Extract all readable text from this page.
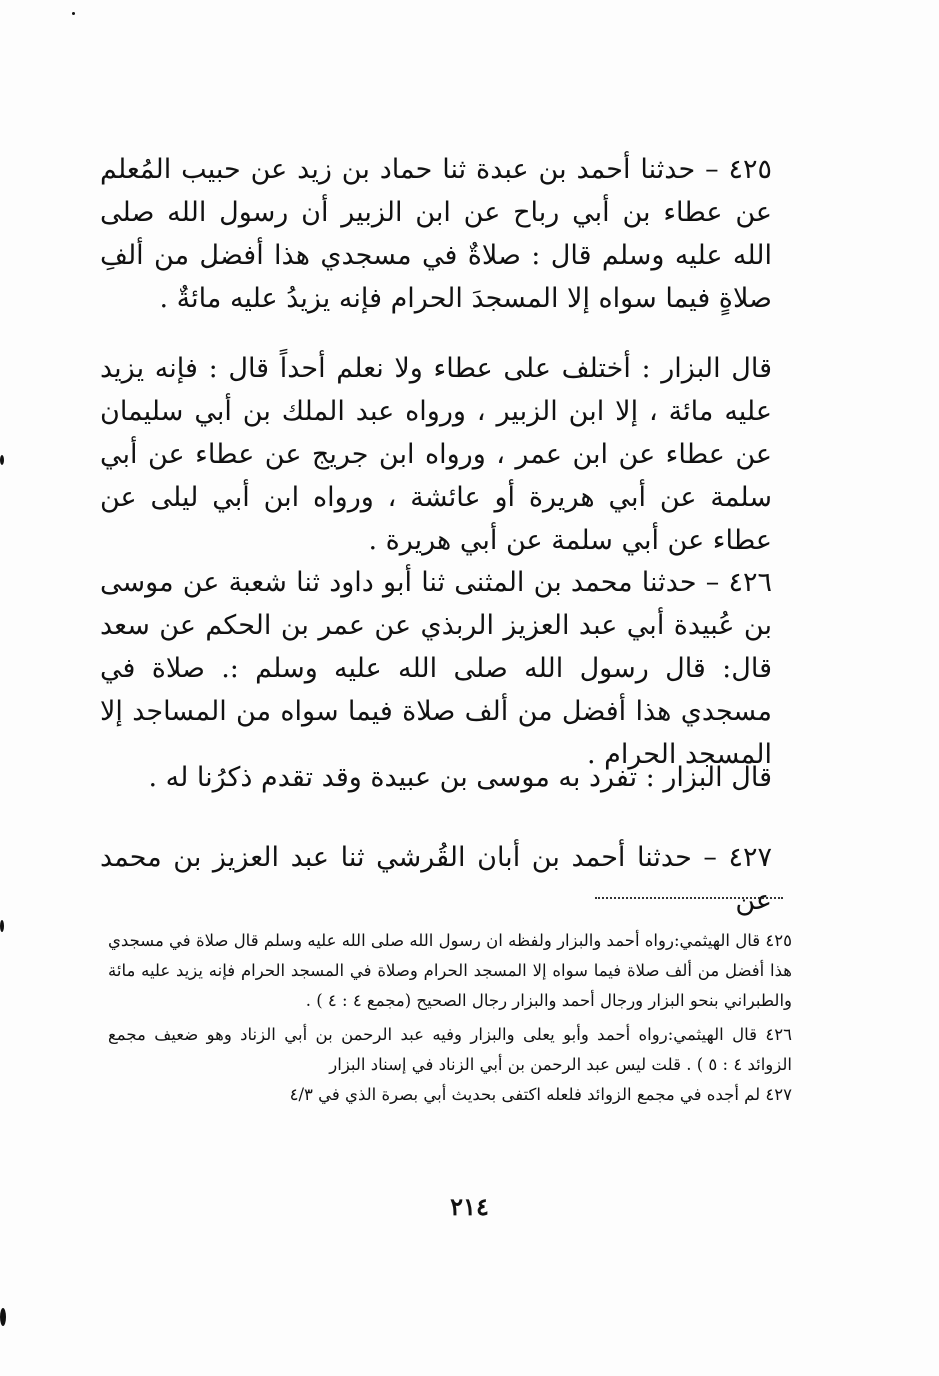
٤٢٥ – حدثنا أحمد بن عبدة ثنا حماد بن زيد عن حبيب المُعلم عن عطاء بن أبي رباح عن ابن الزبير أن رسول الله صلى الله عليه وسلم قال : صلاةٌ في مسجدي هذا أفضل من ألفِ صلاةٍ فيما سواه إلا المسجدَ الحرام فإنه يزيدُ عليه مائةٌ .

قال البزار : أختلف على عطاء ولا نعلم أحداً قال : فإنه يزيد عليه مائة ، إلا ابن الزبير ، ورواه عبد الملك بن أبي سليمان عن عطاء عن ابن عمر ، ورواه ابن جريج عن عطاء عن أبي سلمة عن أبي هريرة أو عائشة ، ورواه ابن أبي ليلى عن عطاء عن أبي سلمة عن أبي هريرة .

٤٢٦ – حدثنا محمد بن المثنى ثنا أبو داود ثنا شعبة عن موسى بن عُبيدة أبي عبد العزيز الربذي عن عمر بن الحكم عن سعد قال: قال رسول الله صلى الله عليه وسلم :. صلاة في مسجدي هذا أفضل من ألف صلاة فيما سواه من المساجد إلا المسجد الحرام .

قال البزار : تفرد به موسى بن عبيدة وقد تقدم ذكرُنا له .

٤٢٧ – حدثنا أحمد بن أبان القُرشي ثنا عبد العزيز بن محمد عن

٤٢٥ قال الهيثمي:رواه أحمد والبزار ولفظه ان رسول الله صلى الله عليه وسلم قال صلاة في مسجدي هذا أفضل من ألف صلاة فيما سواه إلا المسجد الحرام وصلاة في المسجد الحرام فإنه يزيد عليه مائة والطبراني بنحو البزار ورجال أحمد والبزار رجال الصحيح (مجمع ٤ : ٤ ) .

٤٢٦ قال الهيثمي:رواه أحمد وأبو يعلى والبزار وفيه عبد الرحمن بن أبي الزناد وهو ضعيف مجمع الزوائد ٤ : ٥ ) . قلت ليس عبد الرحمن بن أبي الزناد في إسناد البزار

٤٢٧ لم أجده في مجمع الزوائد فلعله اكتفى بحديث أبي بصرة الذي في ٤/٣

٢١٤
